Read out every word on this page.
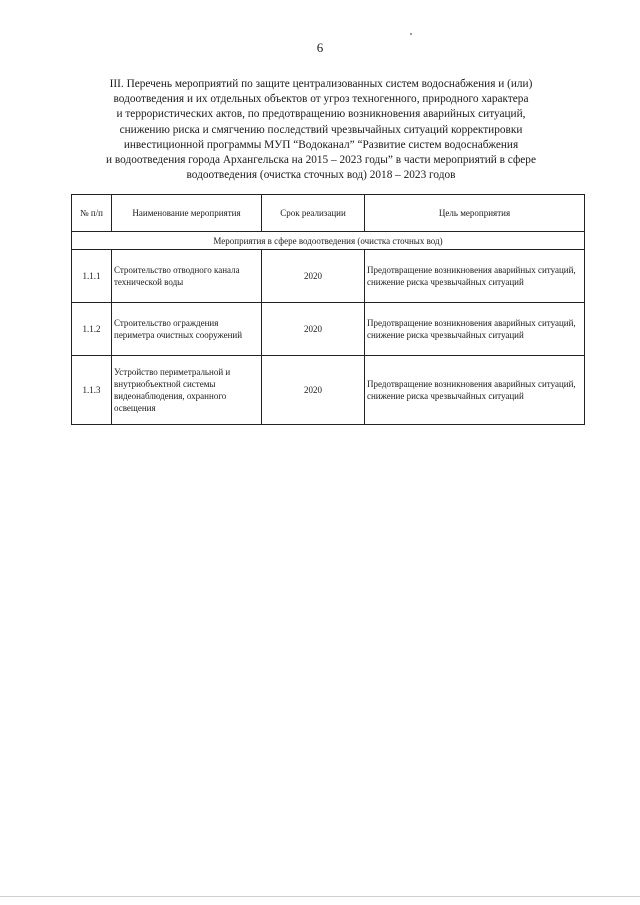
6
III. Перечень мероприятий по защите централизованных систем водоснабжения и (или)
водоотведения и их отдельных объектов от угроз техногенного, природного характера
и террористических актов, по предотвращению возникновения аварийных ситуаций,
снижению риска и смягчению последствий чрезвычайных ситуаций корректировки
инвестиционной программы МУП “Водоканал” “Развитие систем водоснабжения
и водоотведения города Архангельска на 2015 – 2023 годы” в части мероприятий в сфере
водоотведения (очистка сточных вод) 2018 – 2023 годов
№ п/п	Наименование мероприятия	Срок реализации	Цель мероприятия
Мероприятия в сфере водоотведения (очистка сточных вод)			
1.1.1	Строительство отводного канала технической воды	2020	Предотвращение возникновения аварийных ситуаций, снижение риска чрезвычайных ситуаций
1.1.2	Строительство ограждения периметра очистных сооружений	2020	Предотвращение возникновения аварийных ситуаций, снижение риска чрезвычайных ситуаций
1.1.3	Устройство периметральной и внутриобъектной системы видеонаблюдения, охранного освещения	2020	Предотвращение возникновения аварийных ситуаций, снижение риска чрезвычайных ситуаций
